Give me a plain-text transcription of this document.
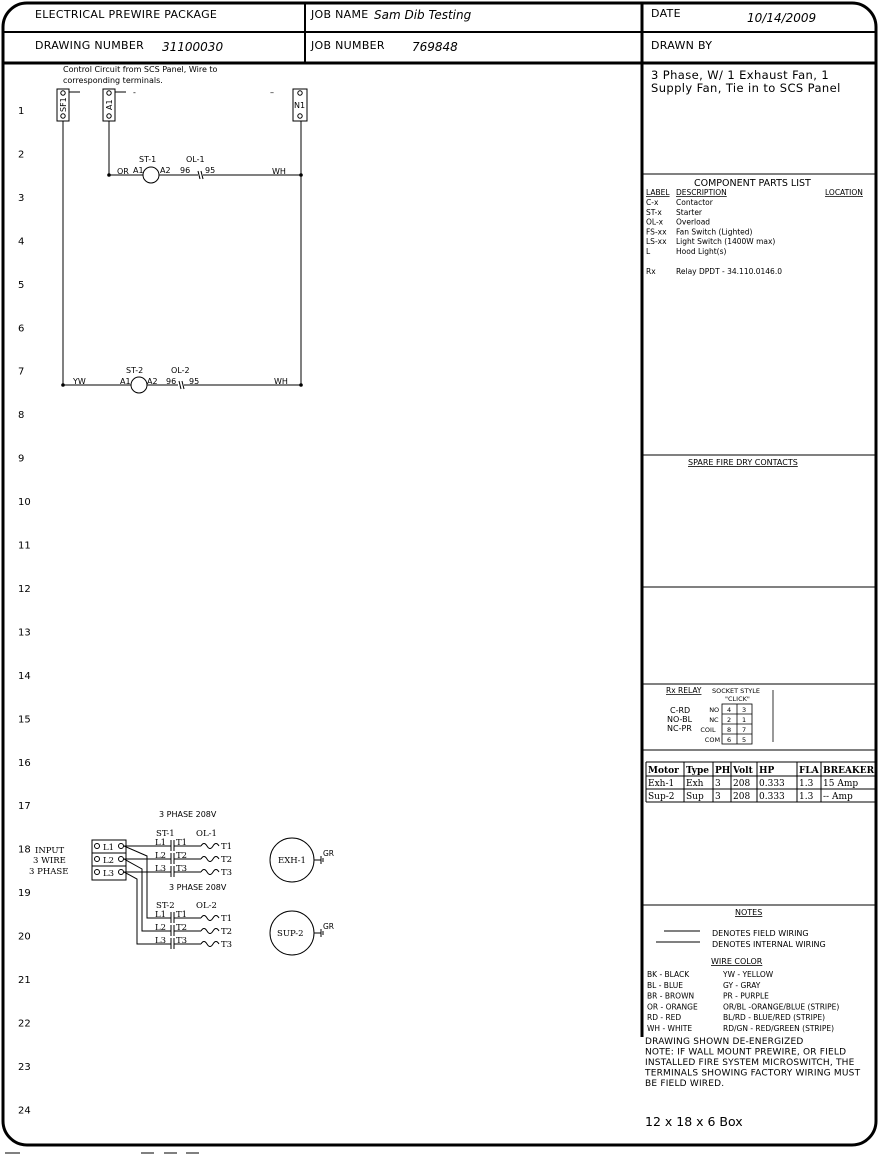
ELECTRICAL PREWIRE PACKAGE	JOB NAME Sam Dib Testing	DATE	10/14/2009
DRAWING NUMBER 31100030	JOB NUMBER 769848	DRAWN BY
3 Phase, W/ 1 Exhaust Fan, 1
Supply Fan, Tie in to SCS Panel
1
2
3
4
5
6
7
8
9
10
11
12
13
14
15
16
17
18
19
20
21
22
23
24
Control Circuit from SCS Panel, Wire to
corresponding terminals.
SF1	A1	N1
-	–
ST-1	OL-1
OR A1 A2 96 95	WH
ST-2	OL-2
YW	A1 A2 96 95	WH
3 PHASE 208V
3 PHASE 208V
INPUT
3 WIRE
3 PHASE
L1
L2
L3
ST-1	OL-1
ST-2	OL-2
L1 T1	T1
L2 T2	T2
L3 T3	T3
L1 T1	T1
L2 T2	T2
L3 T3	T3
EXH-1
SUP-2
GR
GR
COMPONENT PARTS LIST
LABEL DESCRIPTION	LOCATION
C-x Contactor
ST-x Starter
OL-x Overload
FS-xx Fan Switch (Lighted)
LS-xx Light Switch (1400W max)
L	Hood Light(s)
Rx	Relay DPDT - 34.110.0146.0
SPARE FIRE DRY CONTACTS
Rx RELAY SOCKET STYLE
"CLICK"
NO 4 3
NC 2 1
COIL 8 7
COM 6 5
C-RD
NO-BL
NC-PR
Motor Type PH Volt HP	FLA BREAKER
Exh-1 Exh 3 208 0.333 1.3 15 Amp
Sup-2 Sup 3 208 0.333 1.3 -- Amp
NOTES
DENOTES FIELD WIRING
DENOTES INTERNAL WIRING
WIRE COLOR
BK - BLACK	YW - YELLOW
BL - BLUE	GY - GRAY
BR - BROWN	PR - PURPLE
OR - ORANGE	OR/BL -ORANGE/BLUE (STRIPE)
RD - RED	BL/RD - BLUE/RED (STRIPE)
WH - WHITE	RD/GN - RED/GREEN (STRIPE)
DRAWING SHOWN DE-ENERGIZED
NOTE: IF WALL MOUNT PREWIRE, OR FIELD
INSTALLED FIRE SYSTEM MICROSWITCH, THE
TERMINALS SHOWING FACTORY WIRING MUST
BE FIELD WIRED.
12 x 18 x 6 Box
